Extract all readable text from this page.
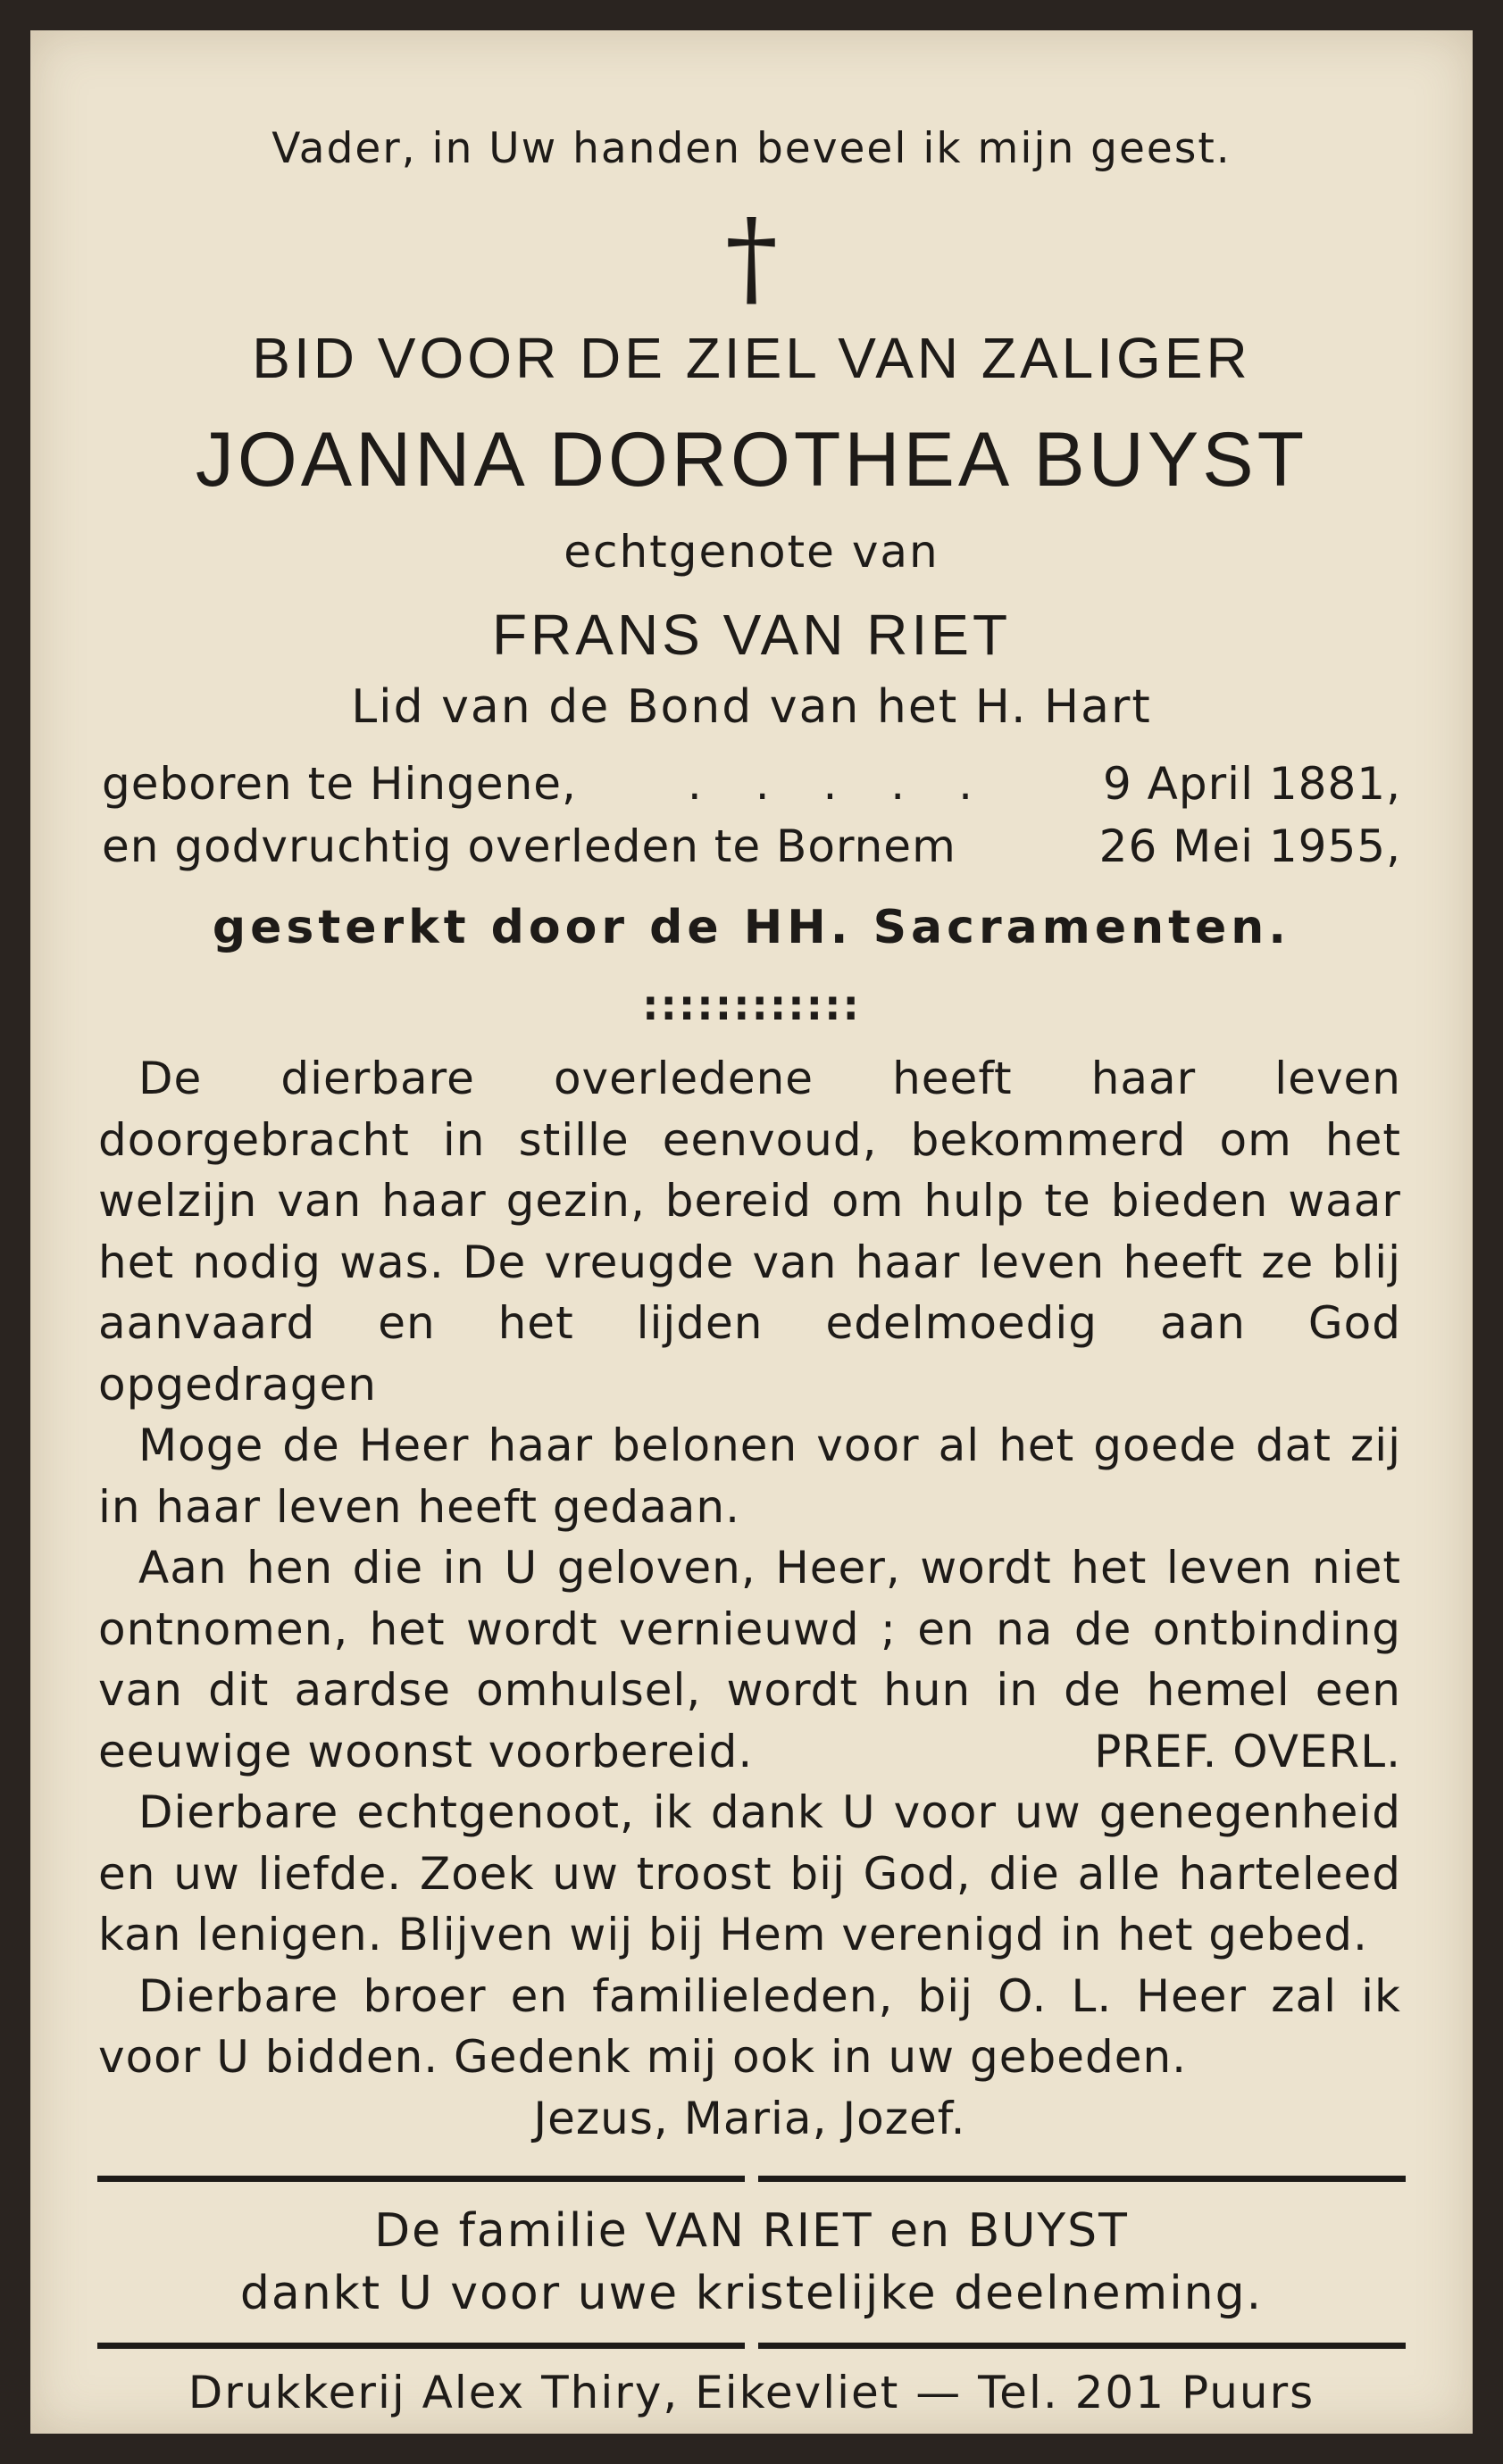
Vader, in Uw handen beveel ik mijn geest.
†
BID VOOR DE ZIEL VAN ZALIGER
JOANNA DOROTHEA BUYST
echtgenote van
FRANS VAN RIET
Lid van de Bond van het H. Hart
geboren te Hingene, . . . . . 9 April 1881,
en godvruchtig overleden te Bornem	26 Mei 1955,
gesterkt door de HH. Sacramenten.
::::::::::::

De dierbare overledene heeft haar leven doorgebracht in stille eenvoud, bekommerd om het welzijn van haar gezin, bereid om hulp te bieden waar het nodig was. De vreugde van haar leven heeft ze blij aanvaard en het lijden edelmoedig aan God opgedragen

Moge de Heer haar belonen voor al het goede dat zij in haar leven heeft gedaan.

Aan hen die in U geloven, Heer, wordt het leven niet ontnomen, het wordt vernieuwd ; en na de ontbinding van dit aardse omhulsel, wordt hun in de hemel een eeuwige woonst voorbereid.	PREF. OVERL.

Dierbare echtgenoot, ik dank U voor uw genegenheid en uw liefde. Zoek uw troost bij God, die alle harteleed kan lenigen. Blijven wij bij Hem verenigd in het gebed.

Dierbare broer en familieleden, bij O. L. Heer zal ik voor U bidden. Gedenk mij ook in uw gebeden.

Jezus, Maria, Jozef.

De familie VAN RIET en BUYST
dankt U voor uwe kristelijke deelneming.
Drukkerij Alex Thiry, Eikevliet — Tel. 201 Puurs
